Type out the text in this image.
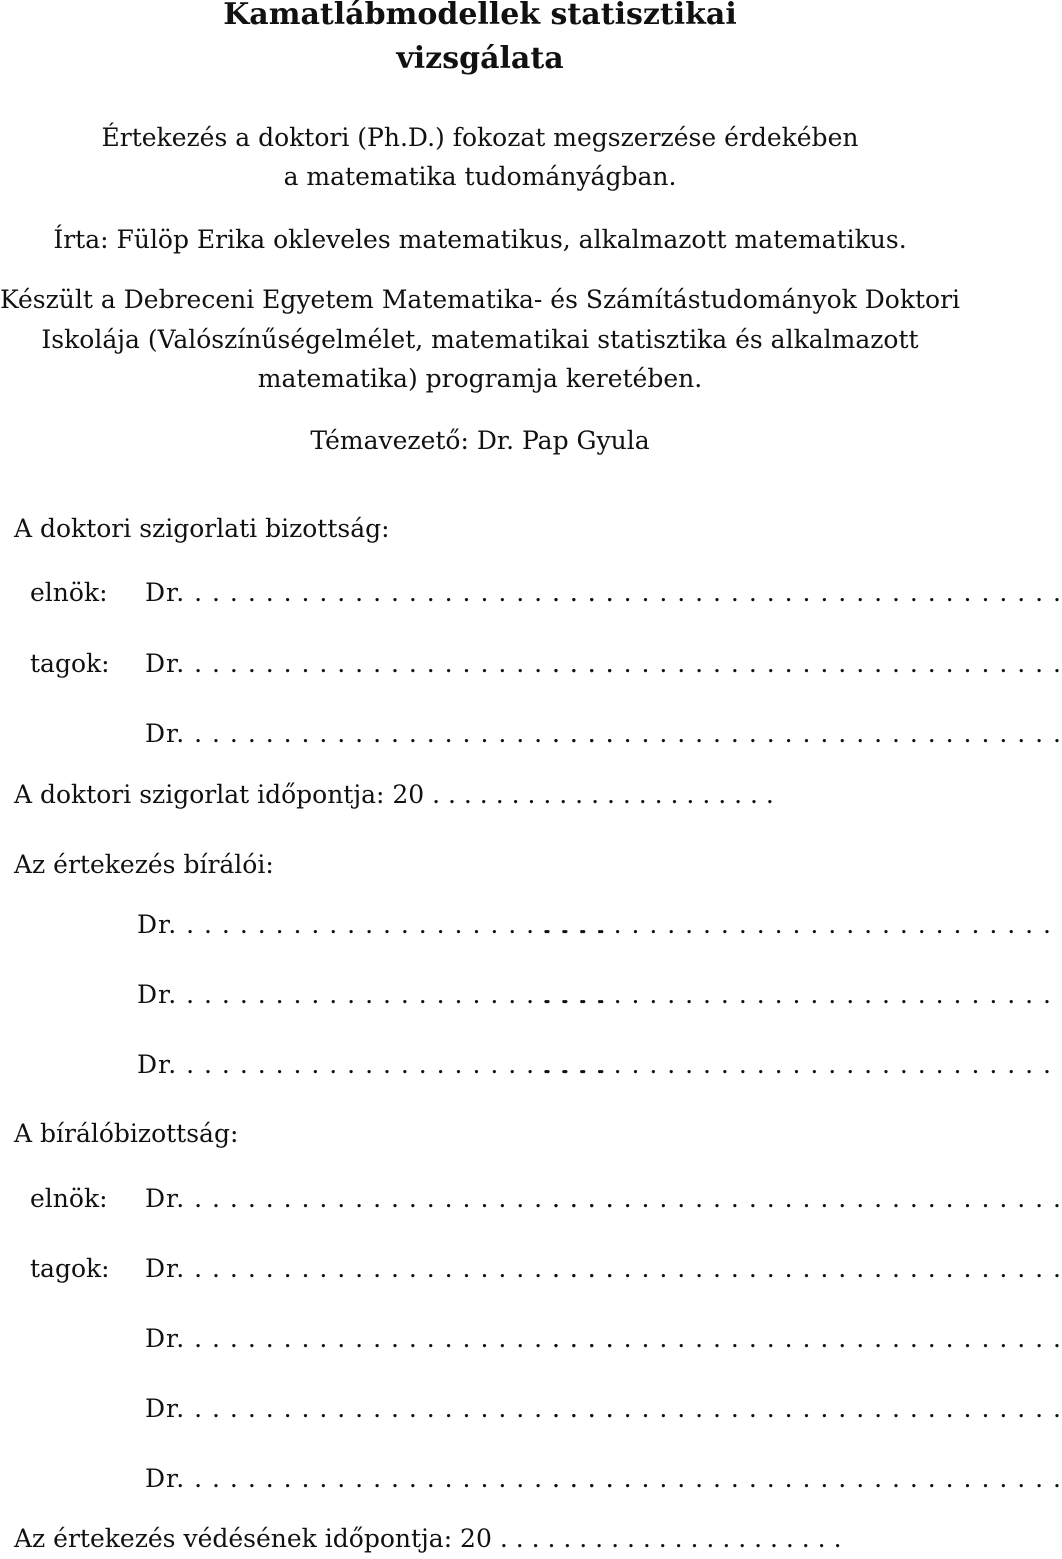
Kamatlábmodellek statisztikai
vizsgálata
Értekezés a doktori (Ph.D.) fokozat megszerzése érdekében
a matematika tudományágban.
Írta: Fülöp Erika okleveles matematikus, alkalmazott matematikus.
Készült a Debreceni Egyetem Matematika- és Számítástudományok Doktori
Iskolája (Valószínűségelmélet, matematikai statisztika és alkalmazott
matematika) programja keretében.
Témavezető: Dr. Pap Gyula
A doktori szigorlati bizottság:
elnök: Dr. . . . . . . . . . . . . . . . . . . . . . . . .
. . . . . . . . . . . . . . . . . . . . . . . . . . . . .
tagok: Dr. . . . . . . . . . . . . . . . . . . . . . . . .
. . . . . . . . . . . . . . . . . . . . . . . . . . . . .
Dr. . . . . . . . . . . . . . . . . . . . . . . . .
. . . . . . . . . . . . . . . . . . . . . . . . . . . . .
A doktori szigorlat időpontja: 20 . . . . . . . . . . . . . . . . . . . . . .
Az értekezés bírálói:
Dr. . . . . . . . . . . . . . . . . . . . . . . . .
. . . . . . . . . . . . . . . . . . . . . . . . . . . . .
Dr. . . . . . . . . . . . . . . . . . . . . . . . .
. . . . . . . . . . . . . . . . . . . . . . . . . . . . .
Dr. . . . . . . . . . . . . . . . . . . . . . . . .
. . . . . . . . . . . . . . . . . . . . . . . . . . . . .
A bírálóbizottság:
elnök: Dr. . . . . . . . . . . . . . . . . . . . . . . . .
. . . . . . . . . . . . . . . . . . . . . . . . . . . . .
tagok: Dr. . . . . . . . . . . . . . . . . . . . . . . . .
. . . . . . . . . . . . . . . . . . . . . . . . . . . . .
Dr. . . . . . . . . . . . . . . . . . . . . . . . .
. . . . . . . . . . . . . . . . . . . . . . . . . . . . .
Dr. . . . . . . . . . . . . . . . . . . . . . . . .
. . . . . . . . . . . . . . . . . . . . . . . . . . . . .
Dr. . . . . . . . . . . . . . . . . . . . . . . . .
. . . . . . . . . . . . . . . . . . . . . . . . . . . . .
Az értekezés védésének időpontja: 20 . . . . . . . . . . . . . . . . . . . . . .
